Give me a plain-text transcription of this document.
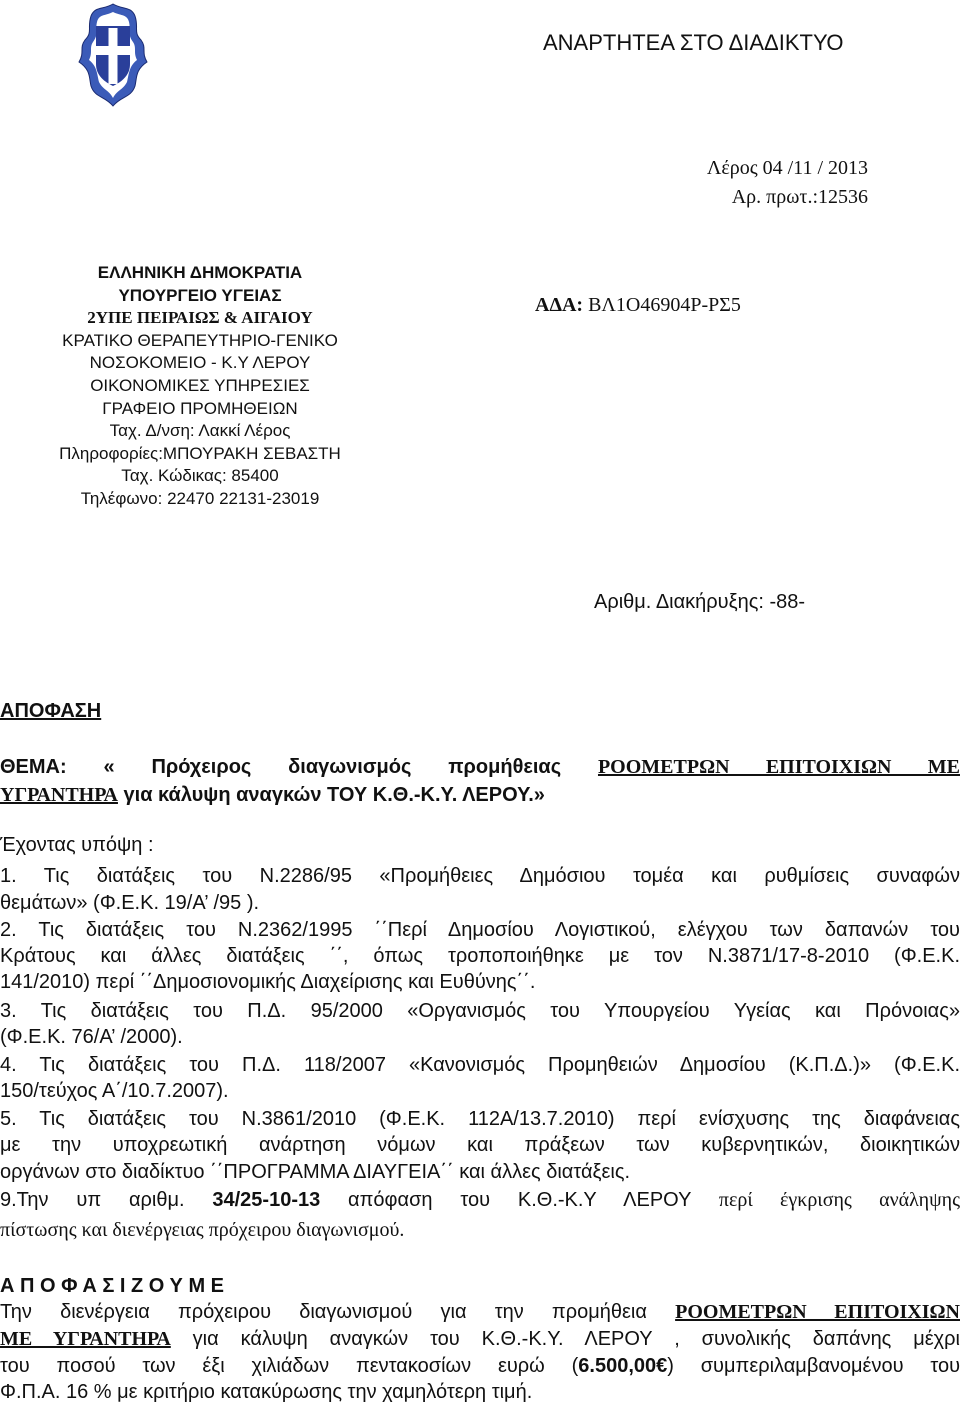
ΑΝΑΡΤΗΤΕΑ ΣΤΟ ΔΙΑΔΙΚΤΥΟ
Λέρος 04 /11 / 2013
Αρ. πρωτ.:12536
ΕΛΛΗΝΙΚΗ ΔΗΜΟΚΡΑΤΙΑ
ΥΠΟΥΡΓΕΙΟ ΥΓΕΙΑΣ
2ΥΠΕ ΠΕΙΡΑΙΩΣ & ΑΙΓΑΙΟΥ
ΚΡΑΤΙΚΟ ΘΕΡΑΠΕΥΤΗΡΙΟ-ΓΕΝΙΚΟ
ΝΟΣΟΚΟΜΕΙΟ - Κ.Υ ΛΕΡΟΥ
ΟΙΚΟΝΟΜΙΚΕΣ ΥΠΗΡΕΣΙΕΣ
ΓΡΑΦΕΙΟ ΠΡΟΜΗΘΕΙΩΝ
Ταχ. Δ/νση: Λακκί Λέρος
Πληροφορίες:ΜΠΟΥΡΑΚΗ ΣΕΒΑΣΤΗ
Ταχ. Κώδικας: 85400
Τηλέφωνο: 22470 22131-23019
ΑΔΑ: ΒΛ1Ο46904Ρ-ΡΣ5
Αριθμ. Διακήρυξης: -88-
ΑΠΟΦΑΣΗ
ΘΕΜΑ: « Πρόχειρος διαγωνισμός προμήθειας ΡΟΟΜΕΤΡΩΝ ΕΠΙΤΟΙΧΙΩΝ ΜΕ
ΥΓΡΑΝΤΗΡΑ για κάλυψη αναγκών ΤΟΥ Κ.Θ.-Κ.Υ. ΛΕΡΟΥ.»
Έχοντας υπόψη :
1. Τις διατάξεις του Ν.2286/95 «Προμήθειες Δημόσιου τομέα και ρυθμίσεις συναφών
θεμάτων» (Φ.Ε.Κ. 19/Α’ /95 ).
2. Τις διατάξεις του Ν.2362/1995 ΄΄Περί Δημοσίου Λογιστικού, ελέγχου των δαπανών του
Κράτους και άλλες διατάξεις ΄΄, όπως τροποποιήθηκε με τον Ν.3871/17-8-2010 (Φ.Ε.Κ.
141/2010) περί ΄΄Δημοσιονομικής Διαχείρισης και Ευθύνης΄΄.
3. Τις διατάξεις του Π.Δ. 95/2000 «Οργανισμός του Υπουργείου Υγείας και Πρόνοιας»
(Φ.Ε.Κ. 76/Α’ /2000).
4. Τις διατάξεις του Π.Δ. 118/2007 «Κανονισμός Προμηθειών Δημοσίου (Κ.Π.Δ.)» (Φ.Ε.Κ.
150/τεύχος Α΄/10.7.2007).
5. Τις διατάξεις του Ν.3861/2010 (Φ.Ε.Κ. 112Α/13.7.2010) περί ενίσχυσης της διαφάνειας
με την υποχρεωτική ανάρτηση νόμων και πράξεων των κυβερνητικών, διοικητικών
οργάνων στο διαδίκτυο ΄΄ΠΡΟΓΡΑΜΜΑ ΔΙΑΥΓΕΙΑ΄΄ και άλλες διατάξεις.
9.Την υπ αριθμ. 34/25-10-13 απόφαση του Κ.Θ.-Κ.Υ ΛΕΡΟΥ περί έγκρισης ανάληψης
πίστωσης και διενέργειας πρόχειρου διαγωνισμού.
Α Π Ο Φ Α Σ Ι Ζ Ο Υ Μ Ε
Την διενέργεια πρόχειρου διαγωνισμού για την προμήθεια ΡΟΟΜΕΤΡΩΝ ΕΠΙΤΟΙΧΙΩΝ
ΜΕ ΥΓΡΑΝΤΗΡΑ για κάλυψη αναγκών του Κ.Θ.-Κ.Υ. ΛΕΡΟΥ , συνολικής δαπάνης μέχρι
του ποσού των έξι χιλιάδων πεντακοσίων ευρώ (6.500,00€) συμπεριλαμβανομένου του
Φ.Π.Α. 16 % με κριτήριο κατακύρωσης την χαμηλότερη τιμή.
